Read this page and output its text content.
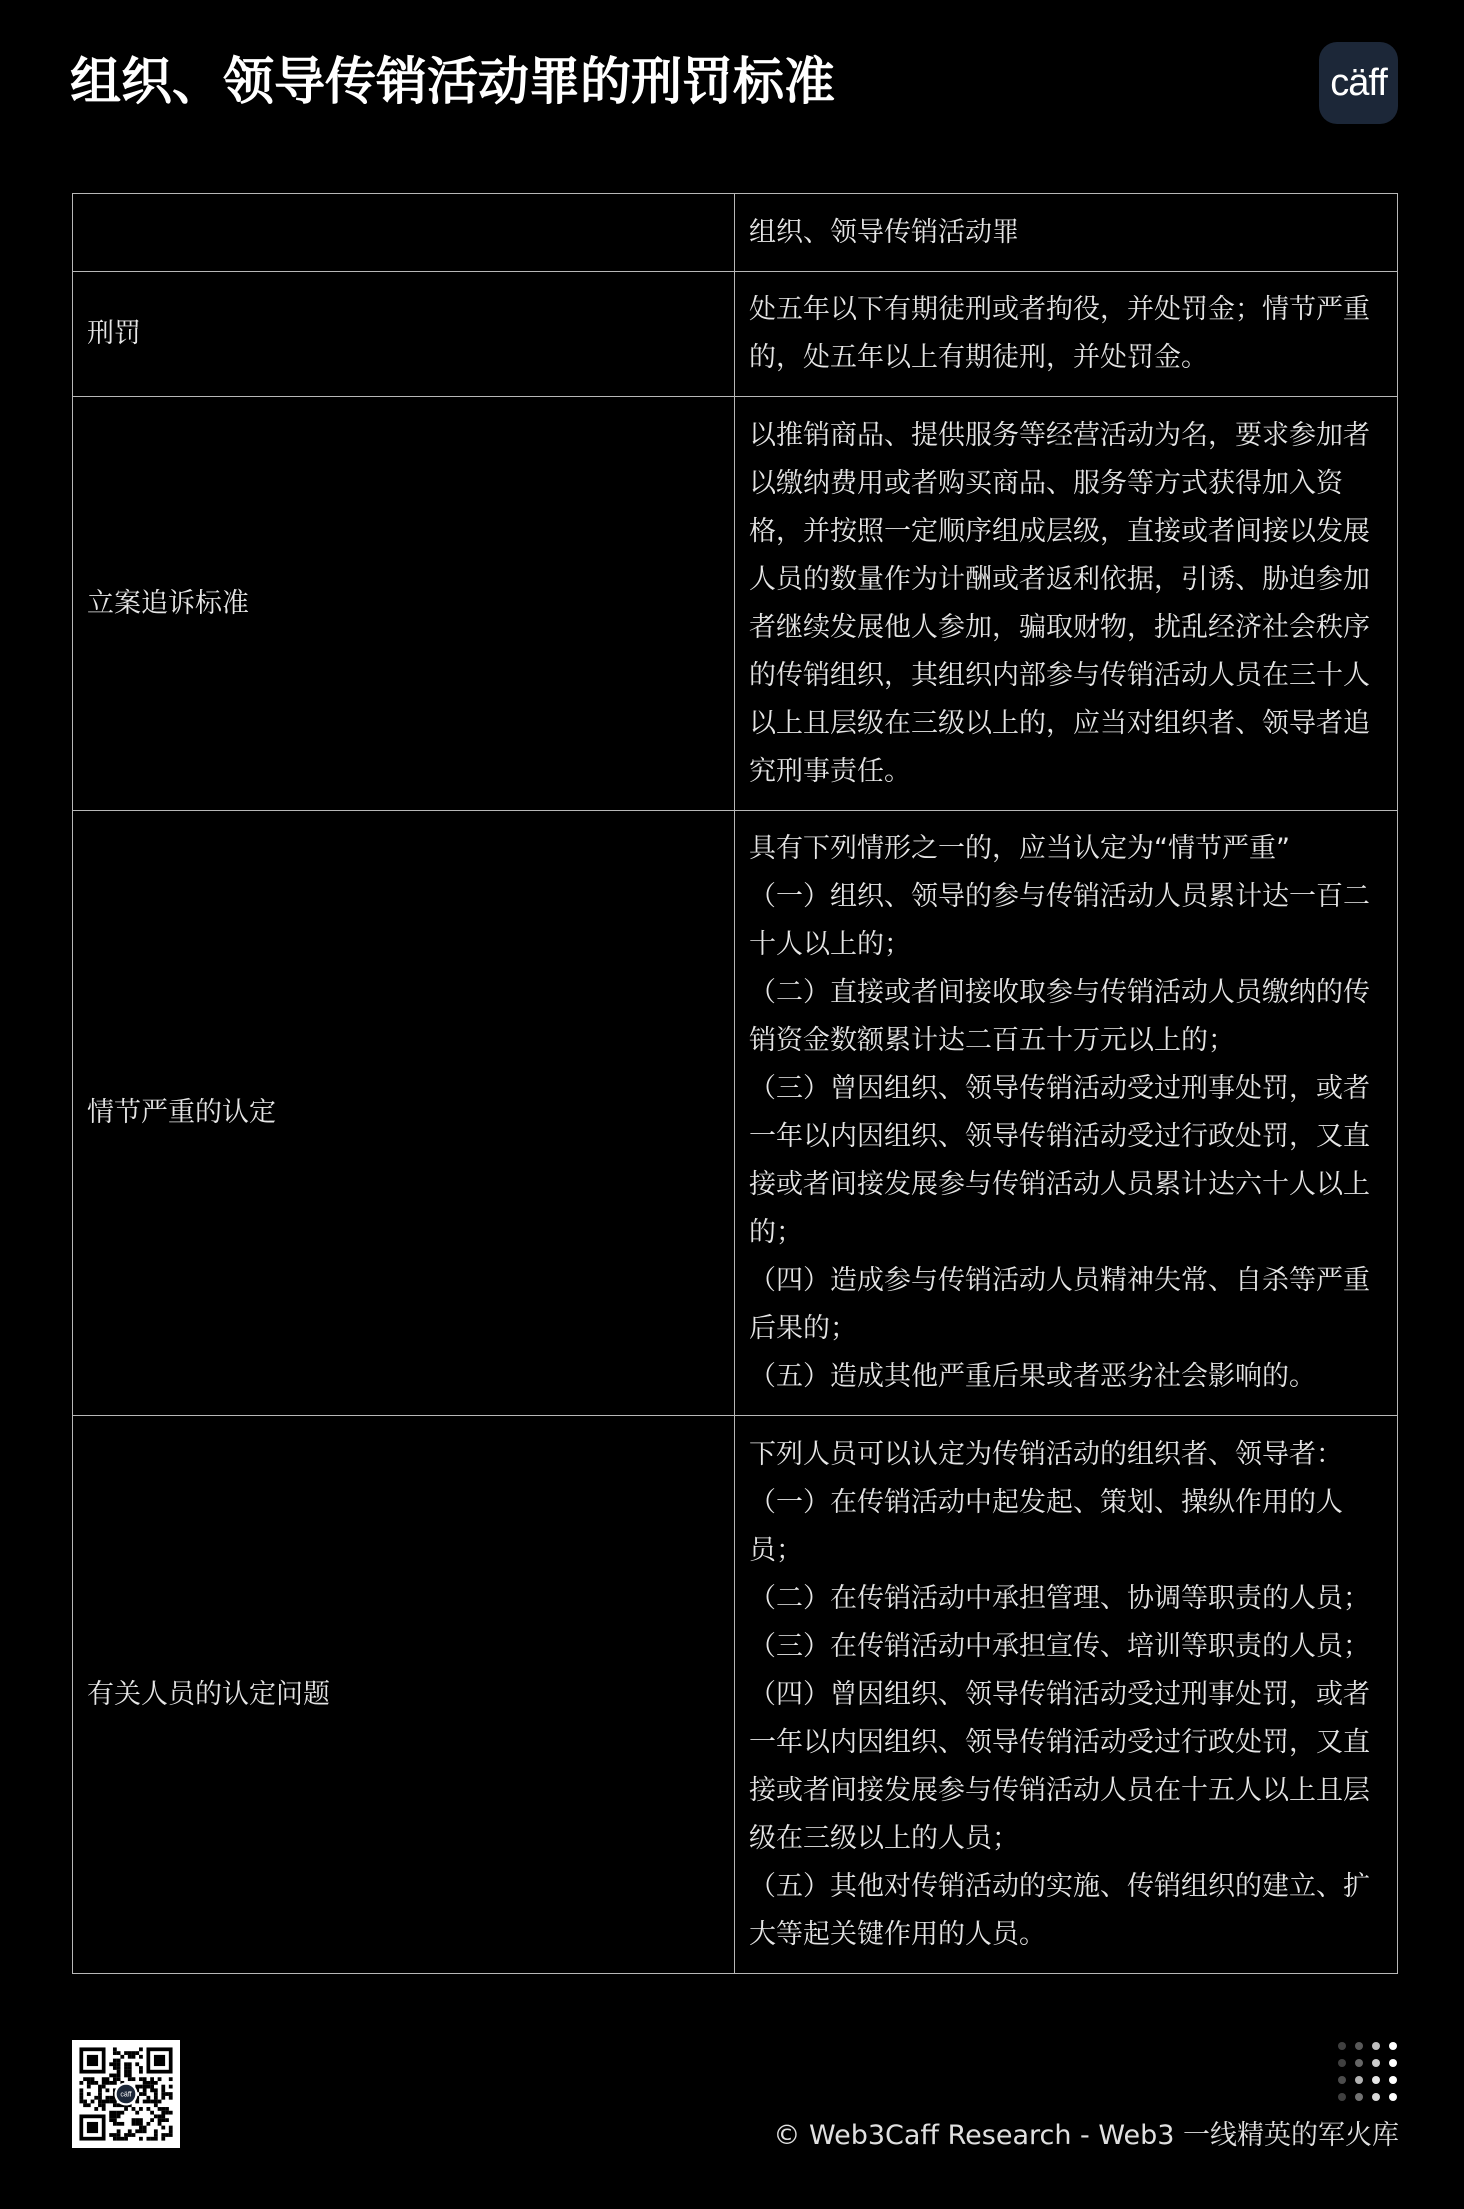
组织、领导传销活动罪的刑罚标准	cäff
组织、领导传销活动罪
刑罚
处五年以下有期徒刑或者拘役，并处罚金；情节严重的，处五年以上有期徒刑，并处罚金。
立案追诉标准
以推销商品、提供服务等经营活动为名，要求参加者以缴纳费用或者购买商品、服务等方式获得加入资格，并按照一定顺序组成层级，直接或者间接以发展人员的数量作为计酬或者返利依据，引诱、胁迫参加者继续发展他人参加，骗取财物，扰乱经济社会秩序的传销组织，其组织内部参与传销活动人员在三十人以上且层级在三级以上的，应当对组织者、领导者追究刑事责任。
情节严重的认定
具有下列情形之一的，应当认定为“情节严重”
（一）组织、领导的参与传销活动人员累计达一百二十人以上的；
（二）直接或者间接收取参与传销活动人员缴纳的传销资金数额累计达二百五十万元以上的；
（三）曾因组织、领导传销活动受过刑事处罚，或者一年以内因组织、领导传销活动受过行政处罚，又直接或者间接发展参与传销活动人员累计达六十人以上的；
（四）造成参与传销活动人员精神失常、自杀等严重后果的；
（五）造成其他严重后果或者恶劣社会影响的。
有关人员的认定问题
下列人员可以认定为传销活动的组织者、领导者：
（一）在传销活动中起发起、策划、操纵作用的人员；
（二）在传销活动中承担管理、协调等职责的人员；
（三）在传销活动中承担宣传、培训等职责的人员；
（四）曾因组织、领导传销活动受过刑事处罚，或者一年以内因组织、领导传销活动受过行政处罚，又直接或者间接发展参与传销活动人员在十五人以上且层级在三级以上的人员；
（五）其他对传销活动的实施、传销组织的建立、扩大等起关键作用的人员。
cäff
© Web3Caff Research - Web3 一线精英的军火库
